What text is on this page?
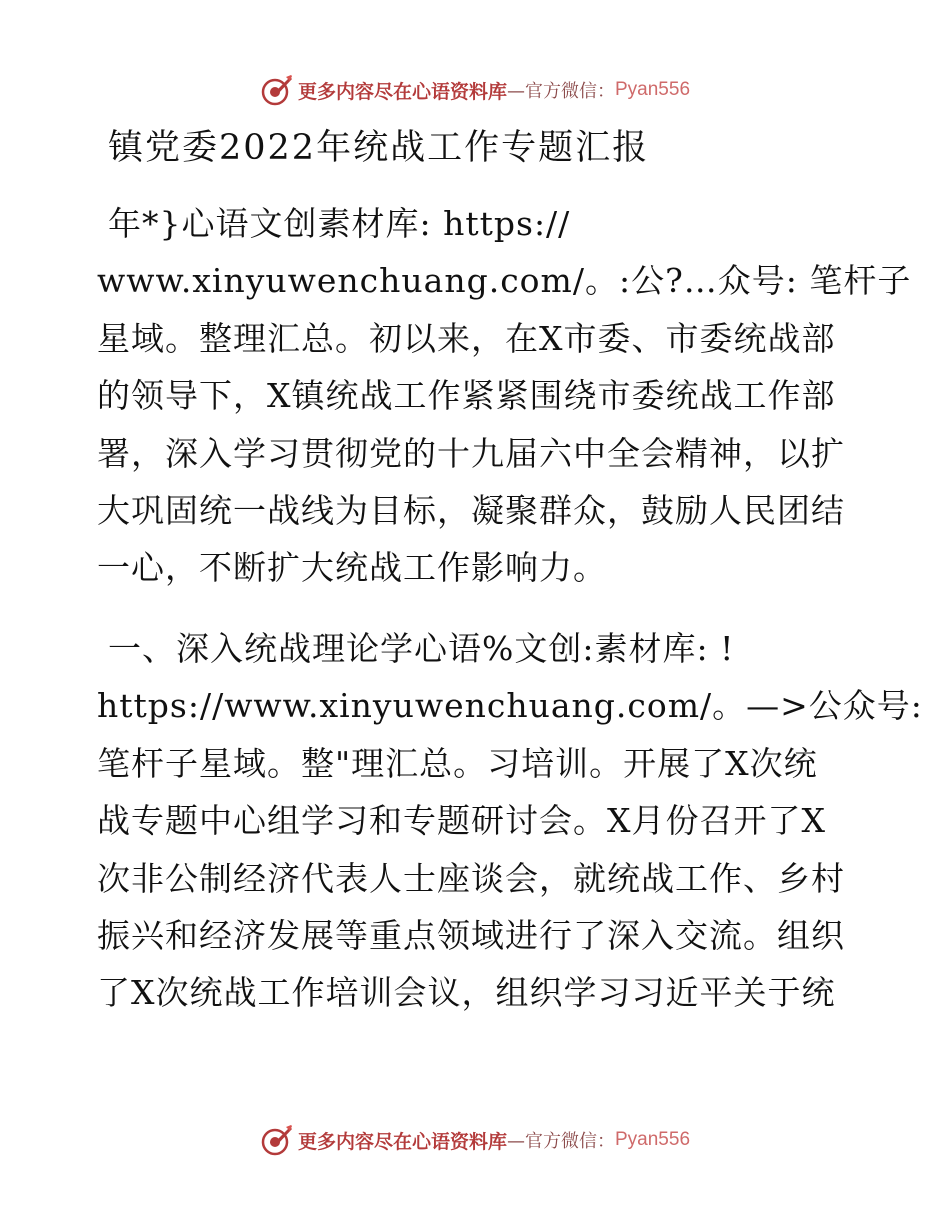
更多内容尽在心语资料库 —官方微信： Pyan556
镇党委2022年统战工作专题汇报

年*}心语文创素材库: https://
www.xinyuwenchuang.com/。:公?…众号: 笔杆子
星域。整理汇总。初以来，在X市委、市委统战部
的领导下，X镇统战工作紧紧围绕市委统战工作部
署，深入学习贯彻党的十九届六中全会精神，以扩
大巩固统一战线为目标，凝聚群众，鼓励人民团结
一心，不断扩大统战工作影响力。

一、深入统战理论学心语%文创:素材库: !
https://www.xinyuwenchuang.com/。—>公众号:
笔杆子星域。整"理汇总。习培训。开展了X次统
战专题中心组学习和专题研讨会。X月份召开了X
次非公制经济代表人士座谈会，就统战工作、乡村
振兴和经济发展等重点领域进行了深入交流。组织
了X次统战工作培训会议，组织学习习近平关于统

更多内容尽在心语资料库 —官方微信： Pyan556
